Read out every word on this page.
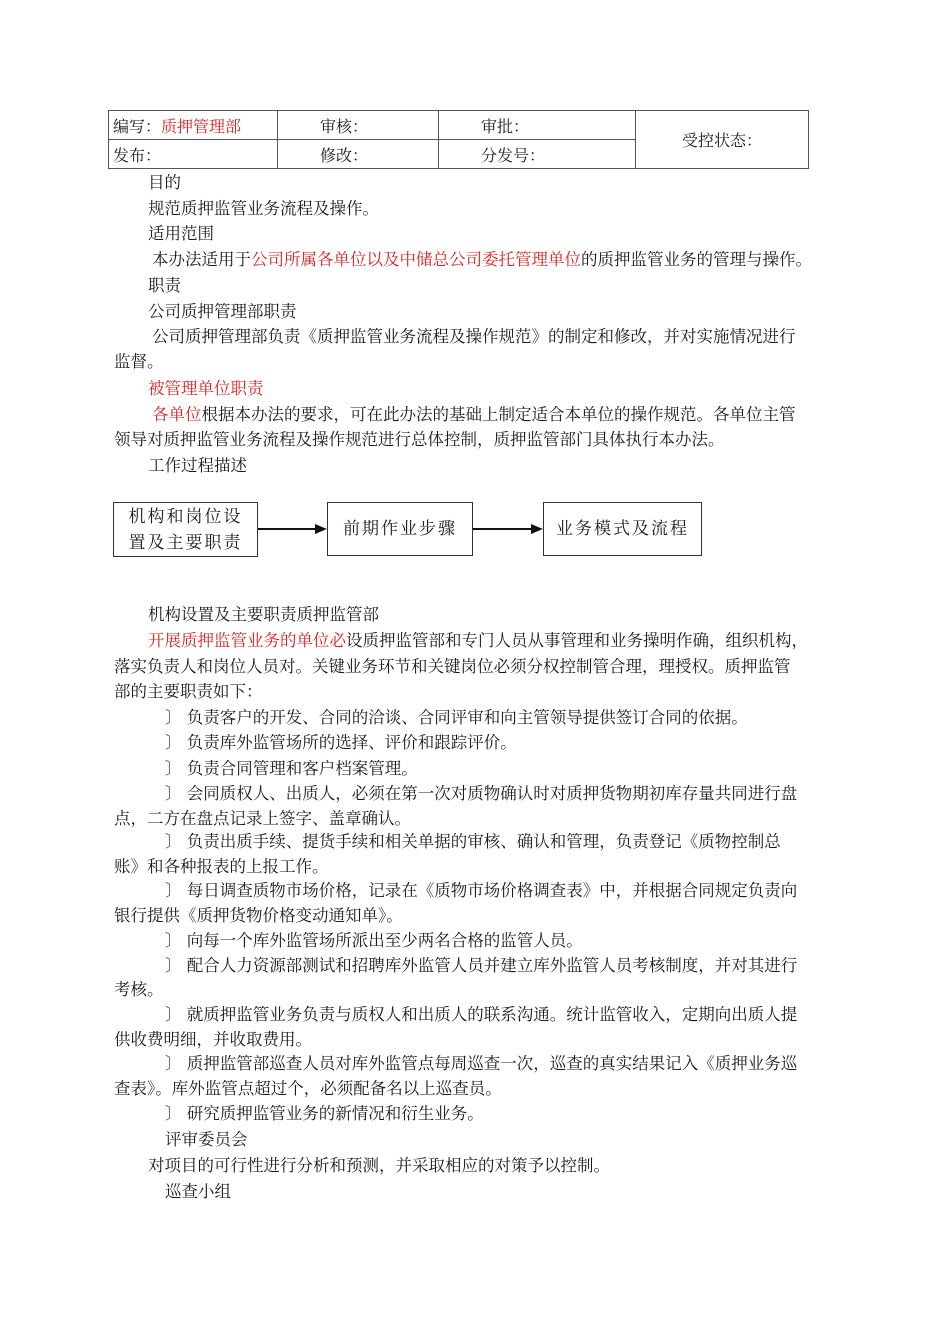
编写：质押管理部	审核：	审批：	受控状态：
发布：	修改：	分发号：	
目的
规范质押监管业务流程及操作。
适用范围
本办法适用于公司所属各单位以及中储总公司委托管理单位的质押监管业务的管理与操作。
职责
公司质押管理部职责
公司质押管理部负责《质押监管业务流程及操作规范》的制定和修改，并对实施情况进行
监督。
被管理单位职责
各单位根据本办法的要求，可在此办法的基础上制定适合本单位的操作规范。各单位主管
领导对质押监管业务流程及操作规范进行总体控制，质押监管部门具体执行本办法。
工作过程描述
机构和岗位设
置及主要职责
前期作业步骤	业务模式及流程
机构设置及主要职责质押监管部
开展质押监管业务的单位必设质押监管部和专门人员从事管理和业务操明作确，组织机构，
落实负责人和岗位人员对。关键业务环节和关键岗位必须分权控制管合理，理授权。质押监管
部的主要职责如下：
〕 负责客户的开发、合同的洽谈、合同评审和向主管领导提供签订合同的依据。
〕 负责库外监管场所的选择、评价和跟踪评价。
〕 负责合同管理和客户档案管理。
〕 会同质权人、出质人，必须在第一次对质物确认时对质押货物期初库存量共同进行盘
点，二方在盘点记录上签字、盖章确认。
〕 负责出质手续、提货手续和相关单据的审核、确认和管理，负责登记《质物控制总
账》和各种报表的上报工作。
〕 每日调查质物市场价格，记录在《质物市场价格调查表》中，并根据合同规定负责向
银行提供《质押货物价格变动通知单》。
〕 向每一个库外监管场所派出至少两名合格的监管人员。
〕 配合人力资源部测试和招聘库外监管人员并建立库外监管人员考核制度，并对其进行
考核。
〕 就质押监管业务负责与质权人和出质人的联系沟通。统计监管收入，定期向出质人提
供收费明细，并收取费用。
〕 质押监管部巡查人员对库外监管点每周巡查一次，巡查的真实结果记入《质押业务巡
查表》。库外监管点超过个，必须配备名以上巡查员。
〕 研究质押监管业务的新情况和衍生业务。
评审委员会
对项目的可行性进行分析和预测，并采取相应的对策予以控制。
巡查小组
